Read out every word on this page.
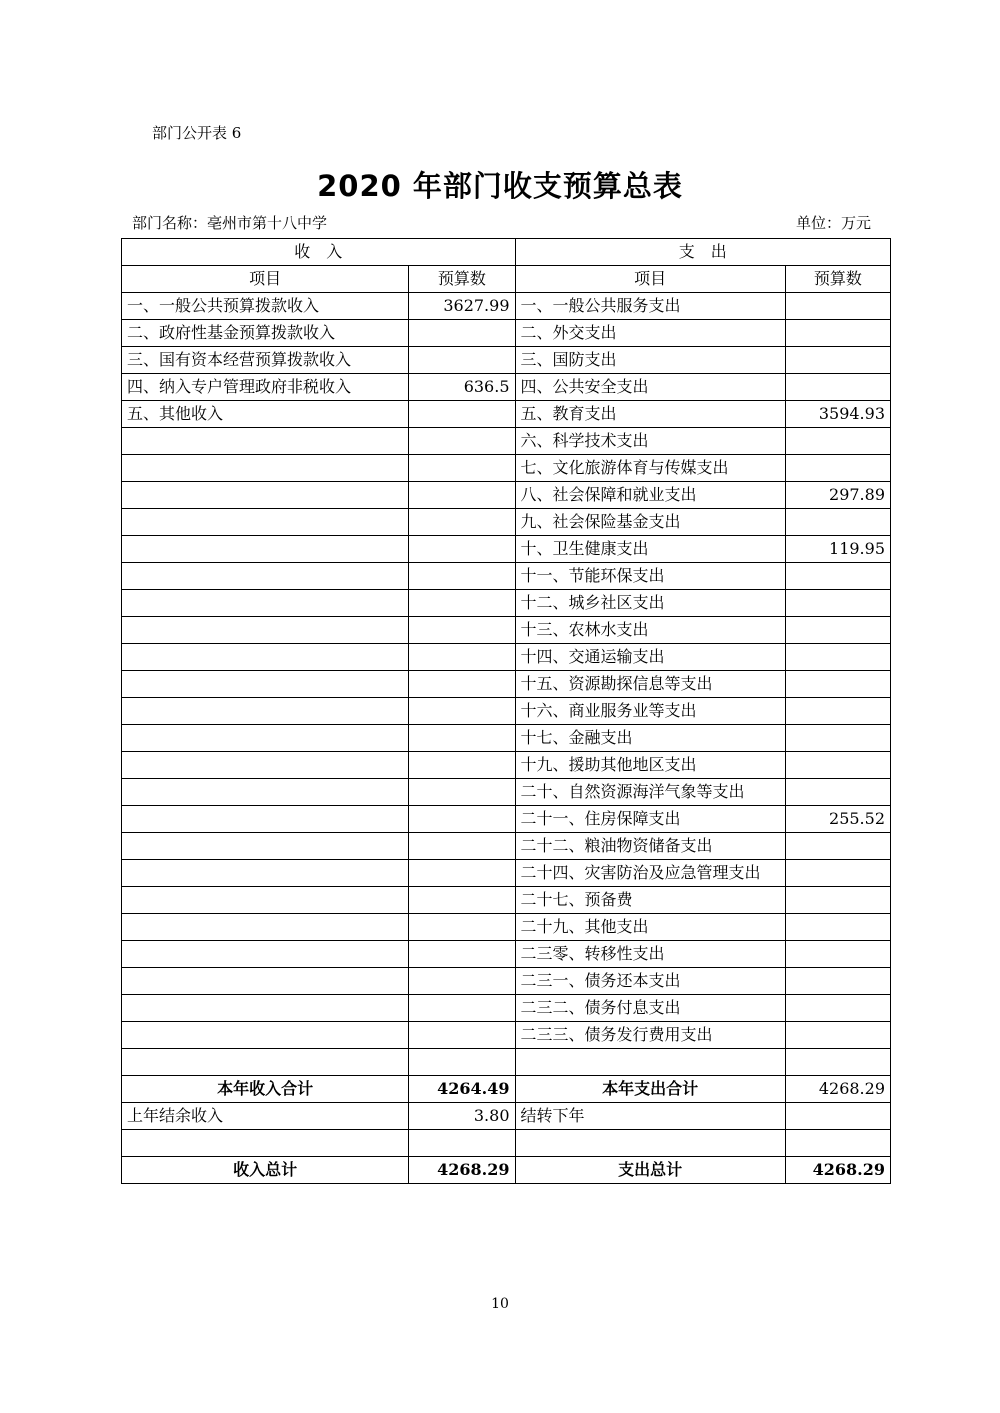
部门公开表 6
2020 年部门收支预算总表
部门名称：亳州市第十八中学	单位：万元
收　入		支　出	
项目	预算数	项目	预算数
一、一般公共预算拨款收入	3627.99	一、一般公共服务支出	
二、政府性基金预算拨款收入		二、外交支出	
三、国有资本经营预算拨款收入		三、国防支出	
四、纳入专户管理政府非税收入	636.5	四、公共安全支出	
五、其他收入		五、教育支出	3594.93
		六、科学技术支出	
		七、文化旅游体育与传媒支出	
		八、社会保障和就业支出	297.89
		九、社会保险基金支出	
		十、卫生健康支出	119.95
		十一、节能环保支出	
		十二、城乡社区支出	
		十三、农林水支出	
		十四、交通运输支出	
		十五、资源勘探信息等支出	
		十六、商业服务业等支出	
		十七、金融支出	
		十九、援助其他地区支出	
		二十、自然资源海洋气象等支出	
		二十一、住房保障支出	255.52
		二十二、粮油物资储备支出	
		二十四、灾害防治及应急管理支出	
		二十七、预备费	
		二十九、其他支出	
		二三零、转移性支出	
		二三一、债务还本支出	
		二三二、债务付息支出	
		二三三、债务发行费用支出	

本年收入合计	4264.49	本年支出合计	4268.29
上年结余收入	3.80	结转下年	

收入总计	4268.29	支出总计	4268.29
10
